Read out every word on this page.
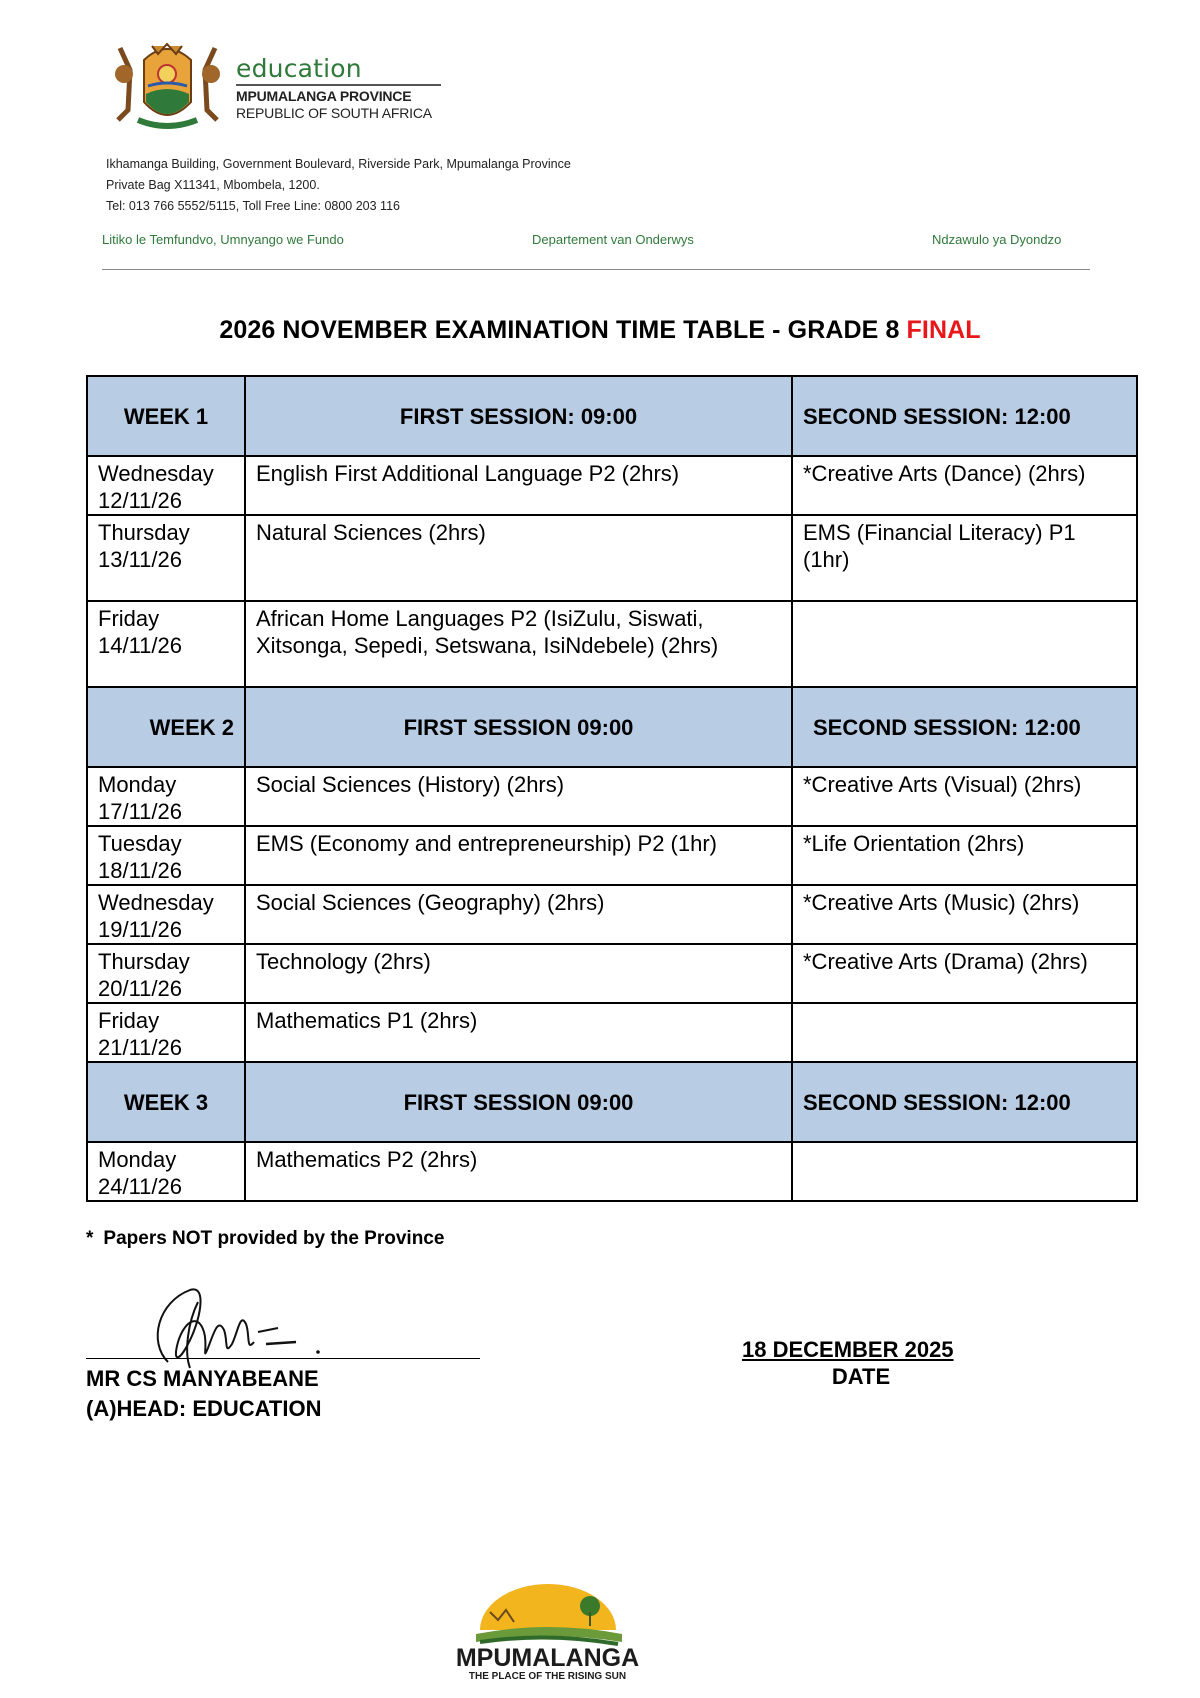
education
MPUMALANGA PROVINCE
REPUBLIC OF SOUTH AFRICA
Ikhamanga Building, Government Boulevard, Riverside Park, Mpumalanga Province
Private Bag X11341, Mbombela, 1200.
Tel: 013 766 5552/5115, Toll Free Line: 0800 203 116
Litiko le Temfundvo, Umnyango we Fundo	Departement van Onderwys	Ndzawulo ya Dyondzo
2026 NOVEMBER EXAMINATION TIME TABLE - GRADE 8 FINAL
WEEK 1	FIRST SESSION: 09:00	SECOND SESSION: 12:00

Wednesday
12/11/26	English First Additional Language P2 (2hrs)	*Creative Arts (Dance) (2hrs)

Thursday
13/11/26	Natural Sciences (2hrs)	EMS (Financial Literacy) P1 (1hr)

Friday
14/11/26	African Home Languages P2 (IsiZulu, Siswati, Xitsonga, Sepedi, Setswana, IsiNdebele) (2hrs)	
WEEK 2	FIRST SESSION 09:00	SECOND SESSION: 12:00

Monday
17/11/26	Social Sciences (History) (2hrs)	*Creative Arts (Visual) (2hrs)

Tuesday
18/11/26	EMS (Economy and entrepreneurship) P2 (1hr)	*Life Orientation (2hrs)

Wednesday
19/11/26	Social Sciences (Geography) (2hrs)	*Creative Arts (Music) (2hrs)

Thursday
20/11/26	Technology (2hrs)	*Creative Arts (Drama) (2hrs)

Friday
21/11/26	Mathematics P1 (2hrs)	
WEEK 3	FIRST SESSION 09:00	SECOND SESSION: 12:00

Monday
24/11/26	Mathematics P2 (2hrs)	
* Papers NOT provided by the Province
MR CS MANYABEANE
(A)HEAD: EDUCATION
18 DECEMBER 2025
DATE
MPUMALANGA
THE PLACE OF THE RISING SUN
